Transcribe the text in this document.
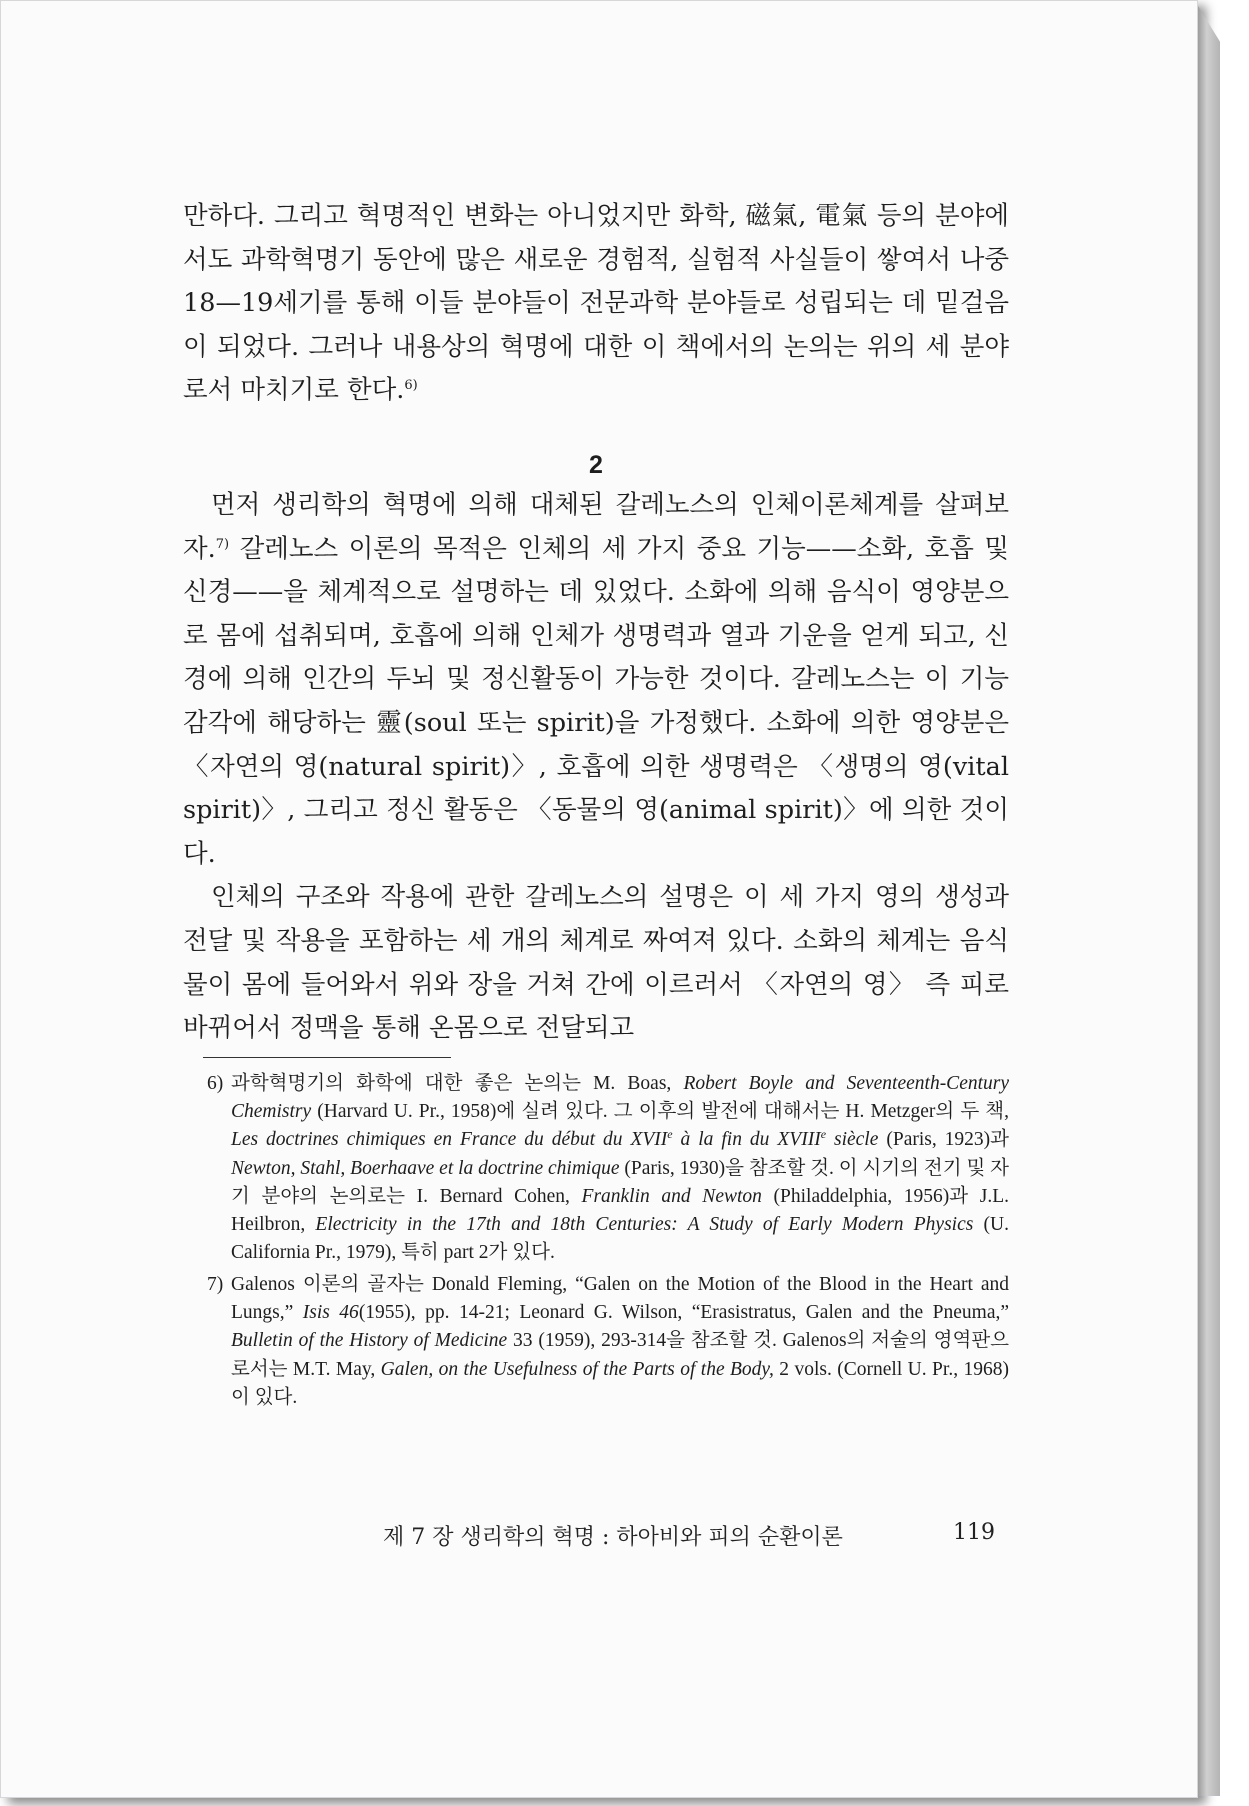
만하다. 그리고 혁명적인 변화는 아니었지만 화학, 磁氣, 電氣 등의 분야에서도 과학혁명기 동안에 많은 새로운 경험적, 실험적 사실들이 쌓여서 나중 18—19세기를 통해 이들 분야들이 전문과학 분야들로 성립되는 데 밑걸음이 되었다. 그러나 내용상의 혁명에 대한 이 책에서의 논의는 위의 세 분야로서 마치기로 한다.$^{6)}$

2

먼저 생리학의 혁명에 의해 대체된 갈레노스의 인체이론체계를 살펴보자.$^{7)}$ 갈레노스 이론의 목적은 인체의 세 가지 중요 기능——소화, 호흡 및 신경——을 체계적으로 설명하는 데 있었다. 소화에 의해 음식이 영양분으로 몸에 섭취되며, 호흡에 의해 인체가 생명력과 열과 기운을 얻게 되고, 신경에 의해 인간의 두뇌 및 정신활동이 가능한 것이다. 갈레노스는 이 기능 감각에 해당하는 靈(soul 또는 spirit)을 가정했다. 소화에 의한 영양분은 〈자연의 영(natural spirit)〉, 호흡에 의한 생명력은 〈생명의 영(vital spirit)〉, 그리고 정신 활동은 〈동물의 영(animal spirit)〉에 의한 것이다.

인체의 구조와 작용에 관한 갈레노스의 설명은 이 세 가지 영의 생성과 전달 및 작용을 포함하는 세 개의 체계로 짜여져 있다. 소화의 체계는 음식물이 몸에 들어와서 위와 장을 거쳐 간에 이르러서 〈자연의 영〉 즉 피로 바뀌어서 정맥을 통해 온몸으로 전달되고

6) 과학혁명기의 화학에 대한 좋은 논의는 M. Boas, Robert Boyle and Seventeenth-Century Chemistry (Harvard U. Pr., 1958)에 실려 있다. 그 이후의 발전에 대해서는 H. Metzger의 두 책, Les doctrines chimiques en France du début du XVIIe à la fin du XVIIIe siècle (Paris, 1923)과 Newton, Stahl, Boerhaave et la doctrine chimique (Paris, 1930)을 참조할 것. 이 시기의 전기 및 자기 분야의 논의로는 I. Bernard Cohen, Franklin and Newton (Philaddelphia, 1956)과 J.L. Heilbron, Electricity in the 17th and 18th Centuries: A Study of Early Modern Physics (U. California Pr., 1979), 특히 part 2가 있다.
7) Galenos 이론의 골자는 Donald Fleming, “Galen on the Motion of the Blood in the Heart and Lungs,” Isis 46(1955), pp. 14-21; Leonard G. Wilson, “Erasistratus, Galen and the Pneuma,” Bulletin of the History of Medicine 33 (1959), 293-314을 참조할 것. Galenos의 저술의 영역판으로서는 M.T. May, Galen, on the Usefulness of the Parts of the Body, 2 vols. (Cornell U. Pr., 1968)이 있다.
제 7 장 생리학의 혁명 : 하아비와 피의 순환이론	119
